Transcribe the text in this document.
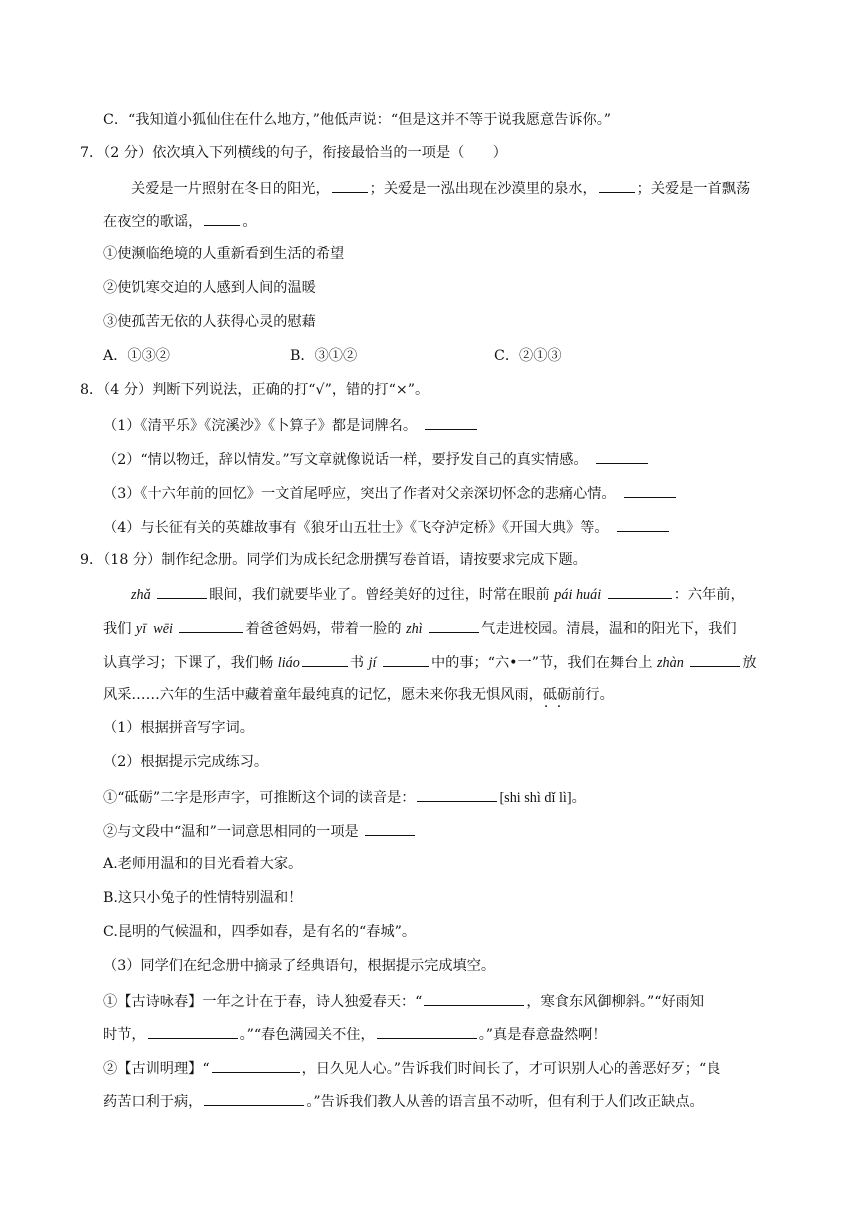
C．“我知道小狐仙住在什么地方，”他低声说：“但是这并不等于说我愿意告诉你。”
7．（2 分）依次填入下列横线的句子，衔接最恰当的一项是（　　）
关爱是一片照射在冬日的阳光，	；关爱是一泓出现在沙漠里的泉水，	；关爱是一首飘荡
在夜空的歌谣，	。
①使濒临绝境的人重新看到生活的希望
②使饥寒交迫的人感到人间的温暖
③使孤苦无依的人获得心灵的慰藉
A．①③②	B．③①②	C．②①③
8．（4 分）判断下列说法，正确的打“√”，错的打“×”。
（1）《清平乐》《浣溪沙》《卜算子》都是词牌名。
（2）“情以物迁，辞以情发。”写文章就像说话一样，要抒发自己的真实情感。
（3）《十六年前的回忆》一文首尾呼应，突出了作者对父亲深切怀念的悲痛心情。
（4）与长征有关的英雄故事有《狼牙山五壮士》《飞夺泸定桥》《开国大典》等。
9．（18 分）制作纪念册。同学们为成长纪念册撰写卷首语，请按要求完成下题。
zhǎ	眼间，我们就要毕业了。曾经美好的过往，时常在眼前 pái huái	：六年前，
我们 yī  wēi	着爸爸妈妈，带着一脸的 zhì	气走进校园。清晨，温和的阳光下，我们
认真学习；下课了，我们畅 liáo	书 jí	中的事；“六•一”节，我们在舞台上 zhàn	放
风采……六年的生活中藏着童年最纯真的记忆，愿未来你我无惧风雨，砥砺 · ·前行。
（1）根据拼音写字词。
（2）根据提示完成练习。
①“砥砺”二字是形声字，可推断这个词的读音是：	[shi shì dǐ lì]。
②与文段中“温和”一词意思相同的一项是
A.老师用温和的目光看着大家。
B.这只小兔子的性情特别温和！
C.昆明的气候温和，四季如春，是有名的“春城”。
（3）同学们在纪念册中摘录了经典语句，根据提示完成填空。
①【古诗咏春】一年之计在于春，诗人独爱春天：“	，寒食东风御柳斜。”“好雨知
时节，	。”“春色满园关不住，	。”真是春意盎然啊！
②【古训明理】“	，日久见人心。”告诉我们时间长了，才可识别人心的善恶好歹；“良
药苦口利于病，	。”告诉我们教人从善的语言虽不动听，但有利于人们改正缺点。
